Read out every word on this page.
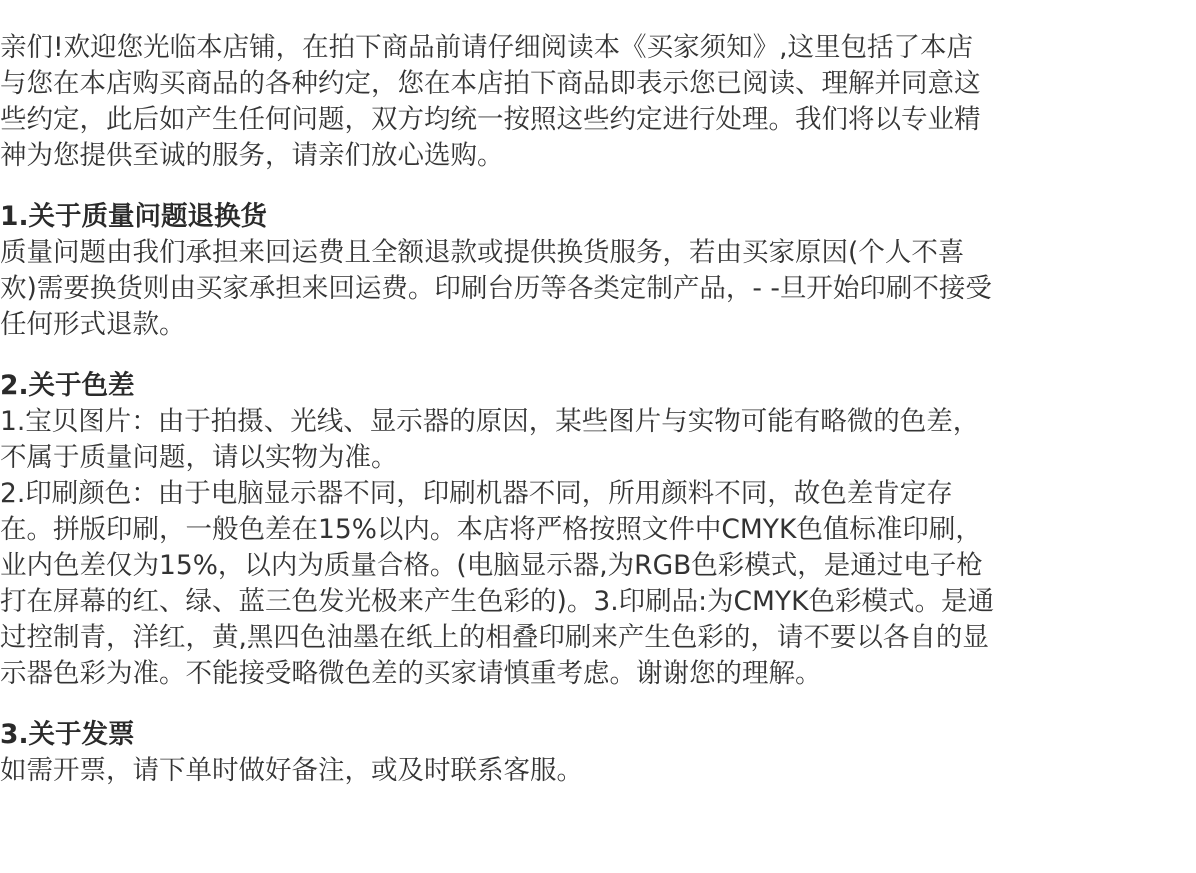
亲们!欢迎您光临本店铺，在拍下商品前请仔细阅读本《买家须知》,这里包括了本店
与您在本店购买商品的各种约定，您在本店拍下商品即表示您已阅读、理解并同意这
些约定，此后如产生任何问题，双方均统一按照这些约定进行处理。我们将以专业精
神为您提供至诚的服务，请亲们放心选购。
1.关于质量问题退换货
质量问题由我们承担来回运费且全额退款或提供换货服务，若由买家原因(个人不喜
欢)需要换货则由买家承担来回运费。印刷台历等各类定制产品，- -旦开始印刷不接受
任何形式退款。
2.关于色差
1.宝贝图片：由于拍摄、光线、显示器的原因，某些图片与实物可能有略微的色差，
不属于质量问题，请以实物为准。
2.印刷颜色：由于电脑显示器不同，印刷机器不同，所用颜料不同，故色差肯定存
在。拼版印刷，一般色差在15%以内。本店将严格按照文件中CMYK色值标准印刷，
业内色差仅为15%，以内为质量合格。(电脑显示器,为RGB色彩模式，是通过电子枪
打在屏幕的红、绿、蓝三色发光极来产生色彩的)。3.印刷品:为CMYK色彩模式。是通
过控制青，洋红，黄,黑四色油墨在纸上的相叠印刷来产生色彩的，请不要以各自的显
示器色彩为准。不能接受略微色差的买家请慎重考虑。谢谢您的理解。
3.关于发票
如需开票，请下单时做好备注，或及时联系客服。
